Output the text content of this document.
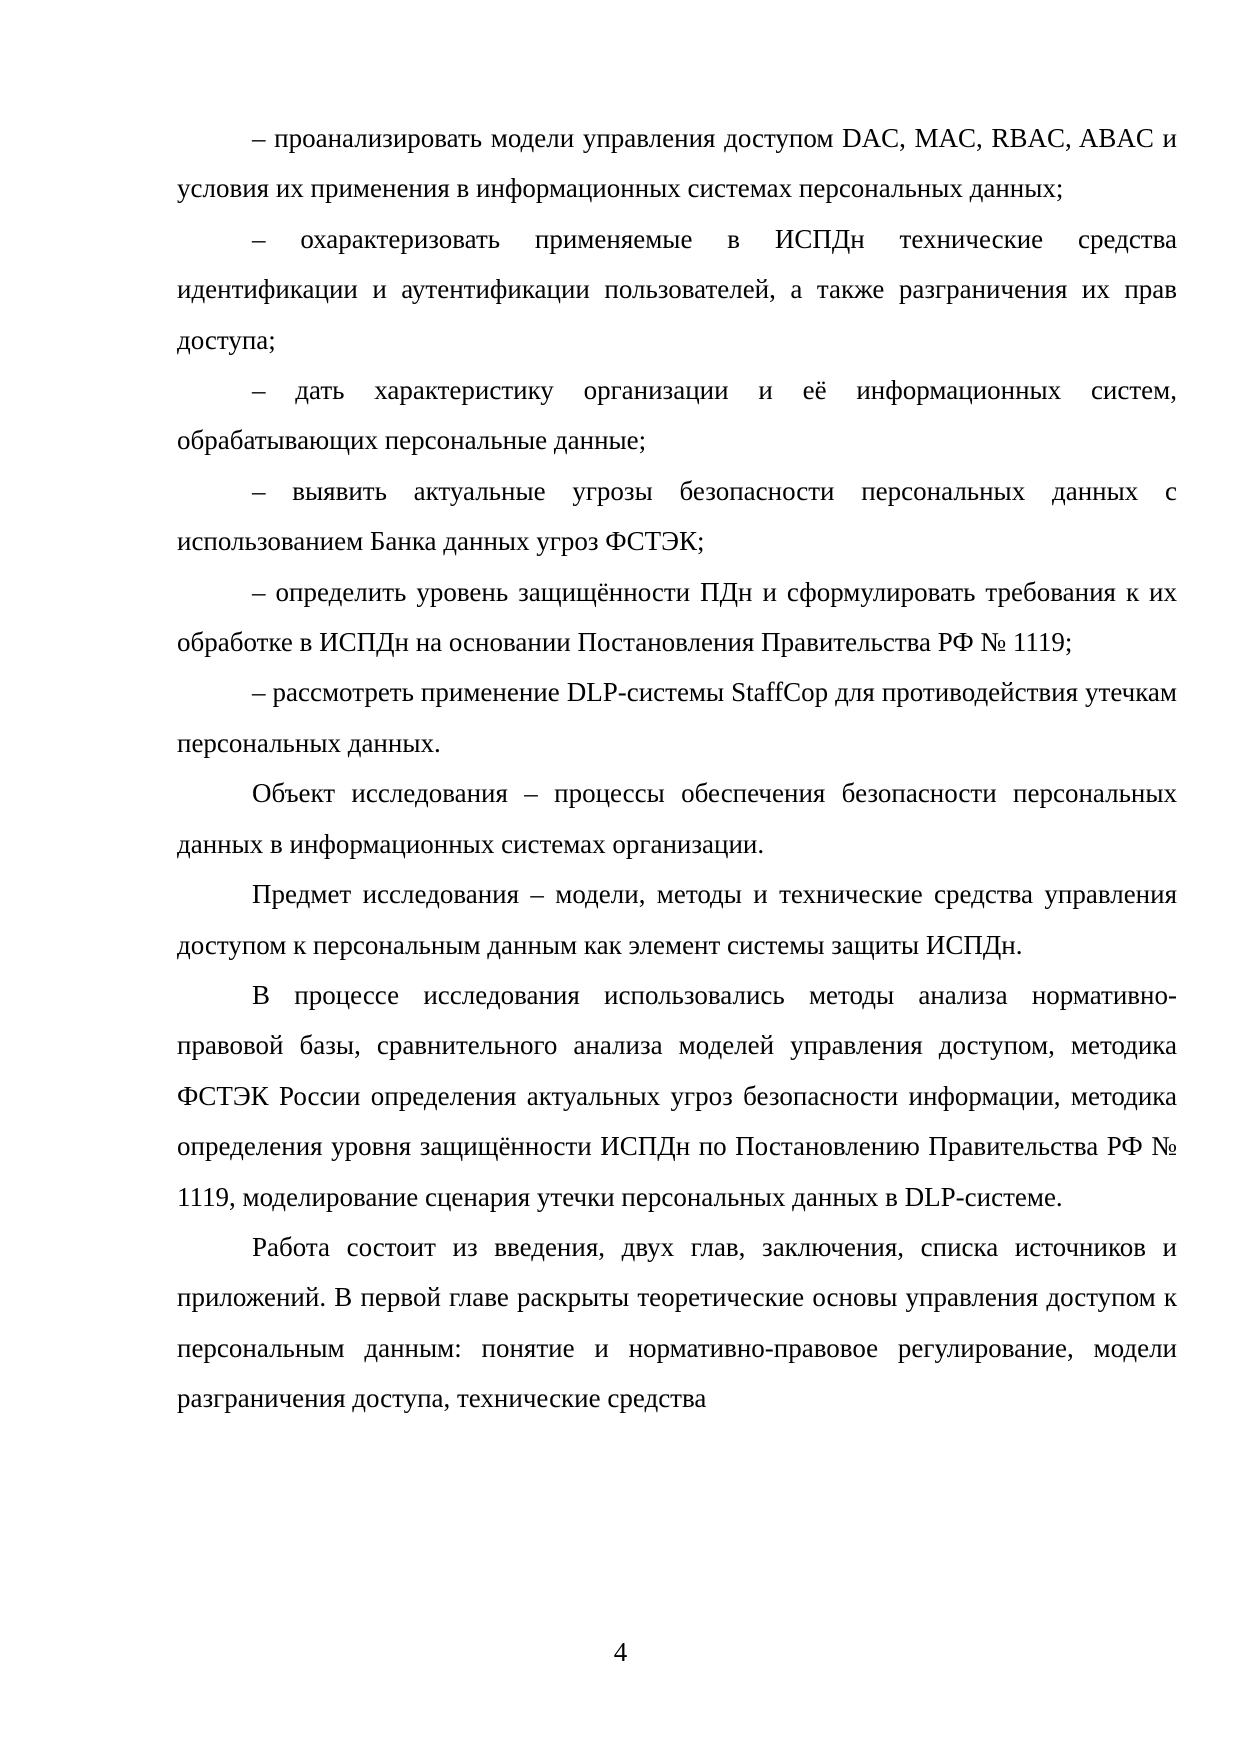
– проанализировать модели управления доступом DAC, MAC, RBAC, ABAC и условия их применения в информационных системах персональных данных;

– охарактеризовать применяемые в ИСПДн технические средства идентификации и аутентификации пользователей, а также разграничения их прав доступа;

– дать характеристику организации и её информационных систем, обрабатывающих персональные данные;

– выявить актуальные угрозы безопасности персональных данных с использованием Банка данных угроз ФСТЭК;

– определить уровень защищённости ПДн и сформулировать требования к их обработке в ИСПДн на основании Постановления Правительства РФ № 1119;

– рассмотреть применение DLP-системы StaffCop для противодействия утечкам персональных данных.

Объект исследования – процессы обеспечения безопасности персональных данных в информационных системах организации.

Предмет исследования – модели, методы и технические средства управления доступом к персональным данным как элемент системы защиты ИСПДн.

В процессе исследования использовались методы анализа нормативно-правовой базы, сравнительного анализа моделей управления доступом, методика ФСТЭК России определения актуальных угроз безопасности информации, методика определения уровня защищённости ИСПДн по Постановлению Правительства РФ № 1119, моделирование сценария утечки персональных данных в DLP-системе.

Работа состоит из введения, двух глав, заключения, списка источников и приложений. В первой главе раскрыты теоретические основы управления доступом к персональным данным: понятие и нормативно-правовое регулирование, модели разграничения доступа, технические средства

4
